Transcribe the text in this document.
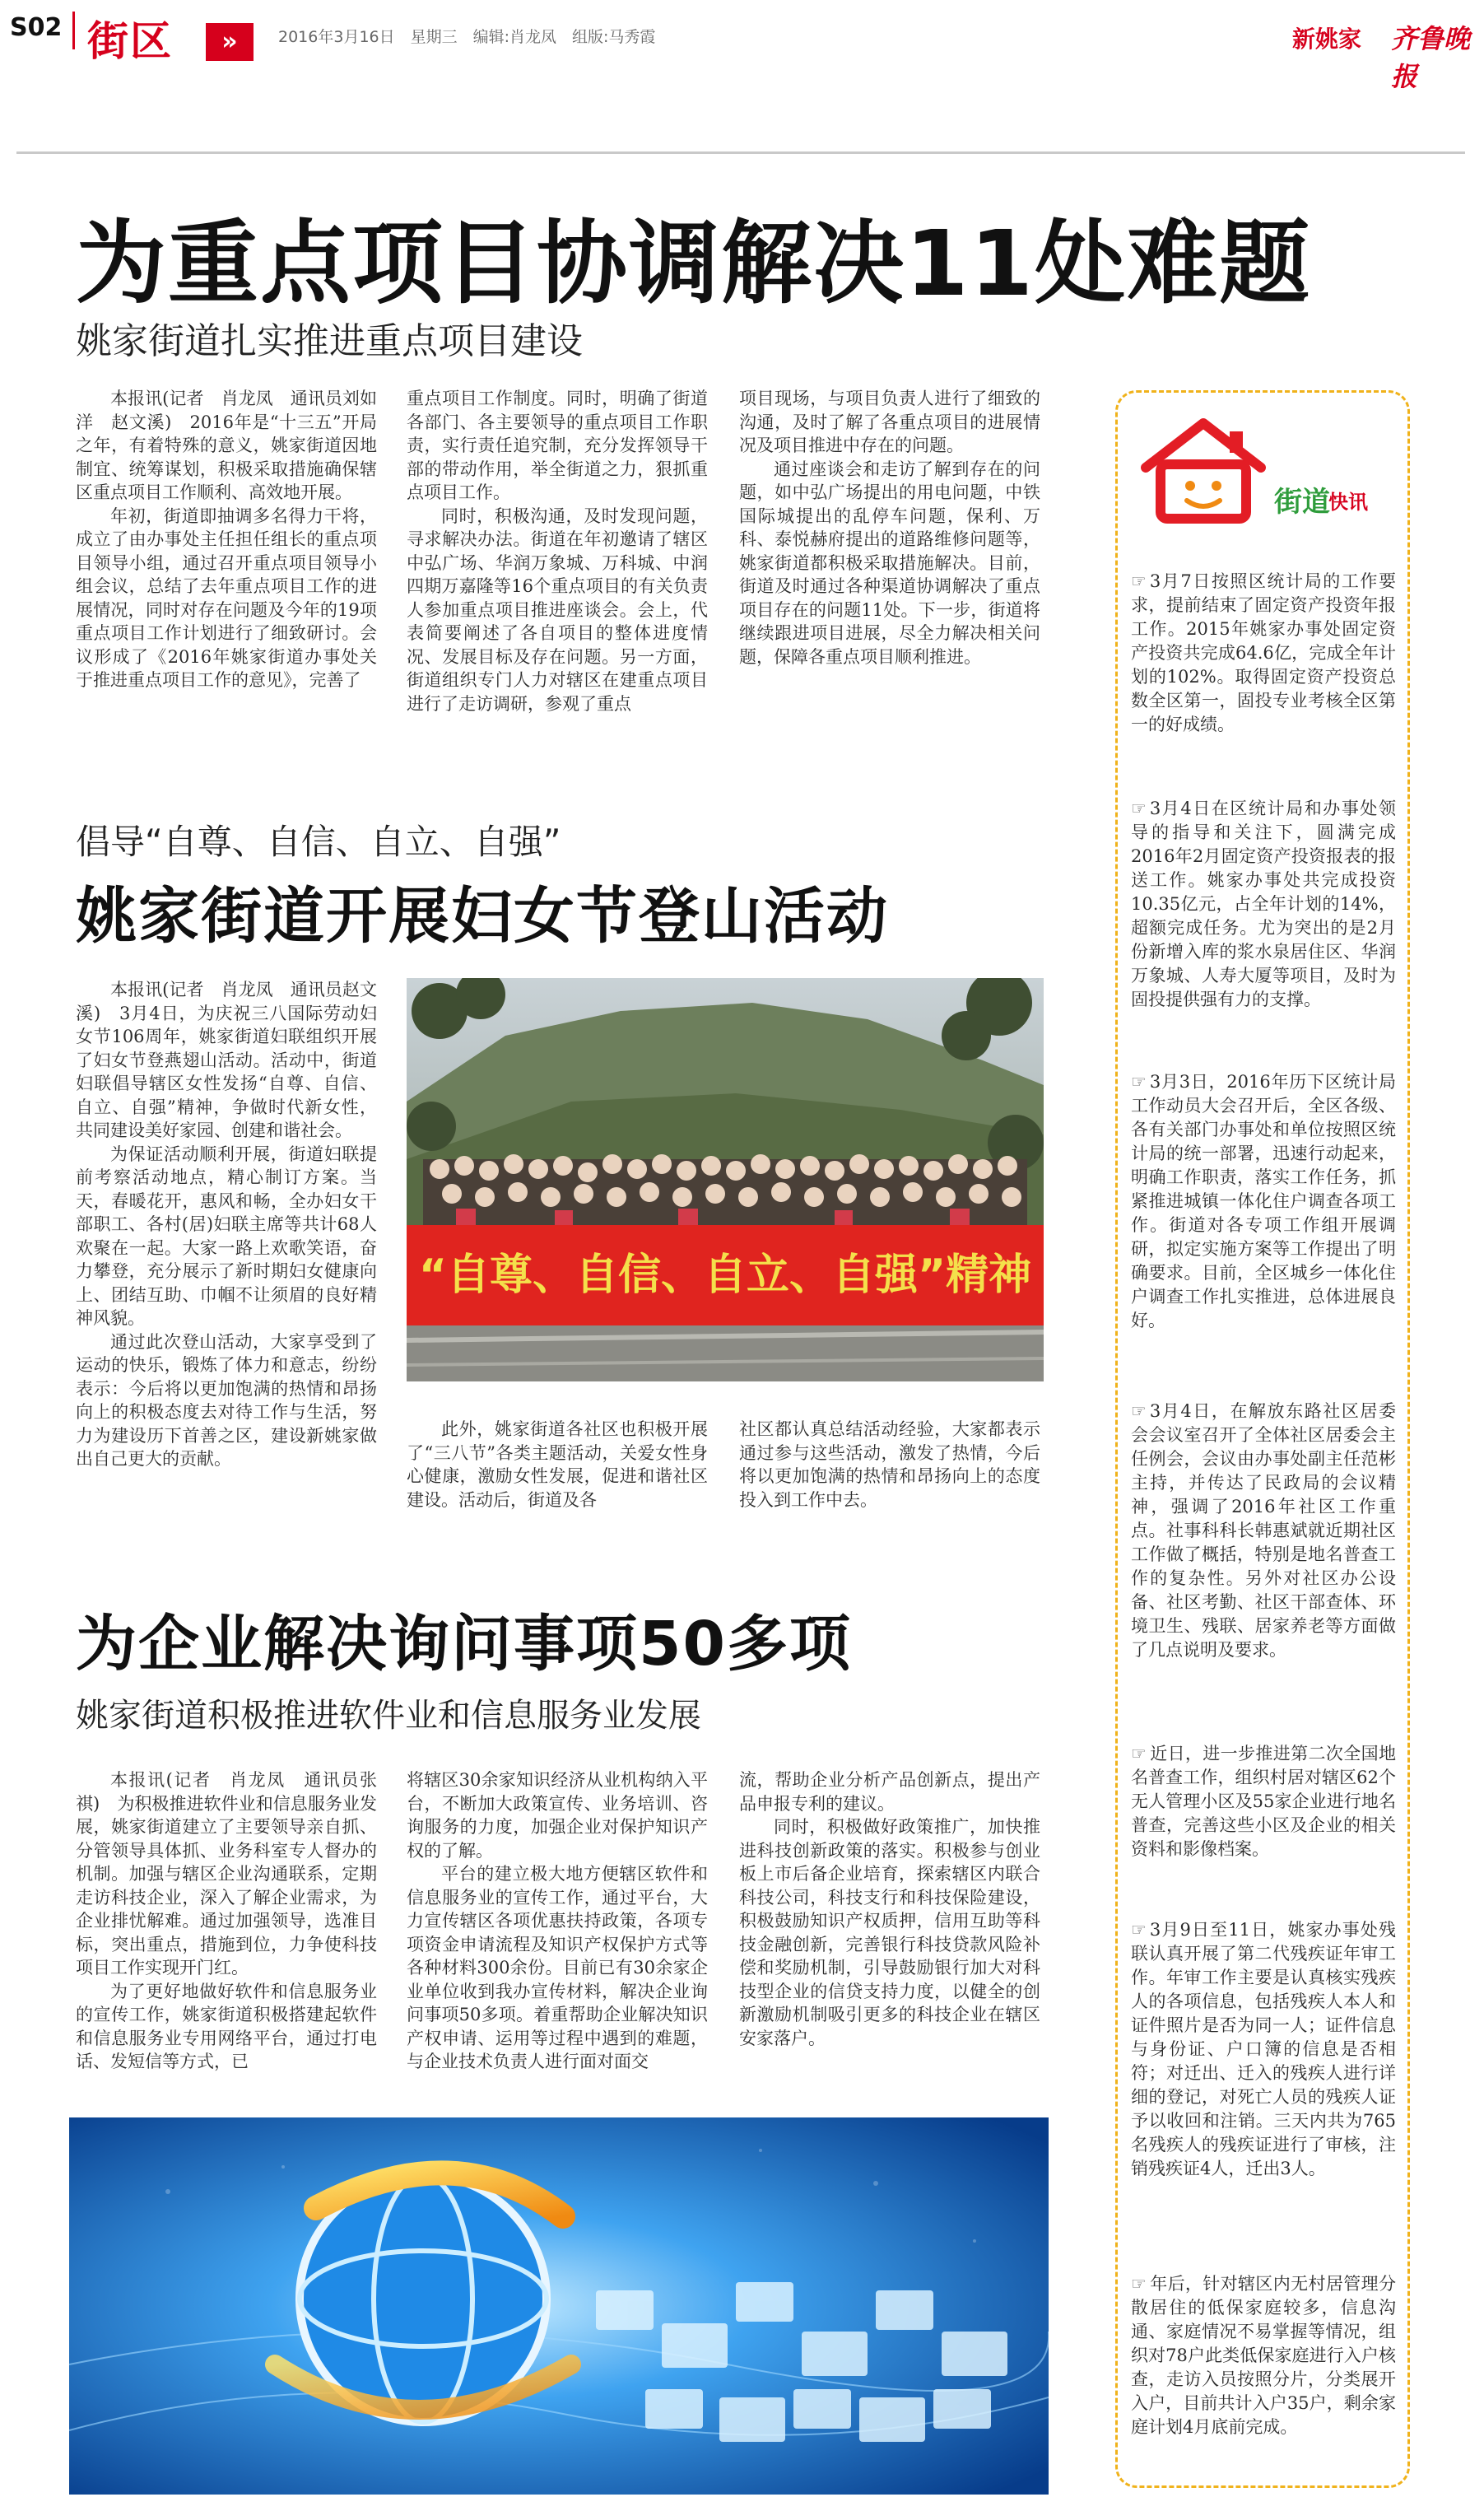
S02 街区	»	2016年3月16日　星期三　编辑:肖龙凤　组版:马秀霞	新姚家 齐鲁晚报
为重点项目协调解决11处难题
姚家街道扎实推进重点项目建设

本报讯(记者　肖龙凤　通讯员刘如洋　赵文溪)　2016年是“十三五”开局之年，有着特殊的意义，姚家街道因地制宜、统筹谋划，积极采取措施确保辖区重点项目工作顺利、高效地开展。

年初，街道即抽调多名得力干将，成立了由办事处主任担任组长的重点项目领导小组，通过召开重点项目领导小组会议，总结了去年重点项目工作的进展情况，同时对存在问题及今年的19项重点项目工作计划进行了细致研讨。会议形成了《2016年姚家街道办事处关于推进重点项目工作的意见》，完善了

重点项目工作制度。同时，明确了街道各部门、各主要领导的重点项目工作职责，实行责任追究制，充分发挥领导干部的带动作用，举全街道之力，狠抓重点项目工作。

同时，积极沟通，及时发现问题，寻求解决办法。街道在年初邀请了辖区中弘广场、华润万象城、万科城、中润四期万嘉隆等16个重点项目的有关负责人参加重点项目推进座谈会。会上，代表简要阐述了各自项目的整体进度情况、发展目标及存在问题。另一方面，街道组织专门人力对辖区在建重点项目进行了走访调研，参观了重点

项目现场，与项目负责人进行了细致的沟通，及时了解了各重点项目的进展情况及项目推进中存在的问题。

通过座谈会和走访了解到存在的问题，如中弘广场提出的用电问题，中铁国际城提出的乱停车问题，保利、万科、泰悦赫府提出的道路维修问题等，姚家街道都积极采取措施解决。目前，街道及时通过各种渠道协调解决了重点项目存在的问题11处。下一步，街道将继续跟进项目进展，尽全力解决相关问题，保障各重点项目顺利推进。

倡导“自尊、自信、自立、自强”
姚家街道开展妇女节登山活动

本报讯(记者　肖龙凤　通讯员赵文溪)　3月4日，为庆祝三八国际劳动妇女节106周年，姚家街道妇联组织开展了妇女节登燕翅山活动。活动中，街道妇联倡导辖区女性发扬“自尊、自信、自立、自强”精神，争做时代新女性，共同建设美好家园、创建和谐社会。

为保证活动顺利开展，街道妇联提前考察活动地点，精心制订方案。当天，春暖花开，惠风和畅，全办妇女干部职工、各村(居)妇联主席等共计68人欢聚在一起。大家一路上欢歌笑语，奋力攀登，充分展示了新时期妇女健康向上、团结互助、巾帼不让须眉的良好精神风貌。

通过此次登山活动，大家享受到了运动的快乐，锻炼了体力和意志，纷纷表示：今后将以更加饱满的热情和昂扬向上的积极态度去对待工作与生活，努力为建设历下首善之区，建设新姚家做出自己更大的贡献。

“自尊、自信、自立、自强”精神

此外，姚家街道各社区也积极开展了“三八节”各类主题活动，关爱女性身心健康，激励女性发展，促进和谐社区建设。活动后，街道及各

社区都认真总结活动经验，大家都表示通过参与这些活动，激发了热情，今后将以更加饱满的热情和昂扬向上的态度投入到工作中去。

为企业解决询问事项50多项
姚家街道积极推进软件业和信息服务业发展

本报讯(记者　肖龙凤　通讯员张祺)　为积极推进软件业和信息服务业发展，姚家街道建立了主要领导亲自抓、分管领导具体抓、业务科室专人督办的机制。加强与辖区企业沟通联系，定期走访科技企业，深入了解企业需求，为企业排忧解难。通过加强领导，选准目标，突出重点，措施到位，力争使科技项目工作实现开门红。

为了更好地做好软件和信息服务业的宣传工作，姚家街道积极搭建起软件和信息服务业专用网络平台，通过打电话、发短信等方式，已

将辖区30余家知识经济从业机构纳入平台，不断加大政策宣传、业务培训、咨询服务的力度，加强企业对保护知识产权的了解。

平台的建立极大地方便辖区软件和信息服务业的宣传工作，通过平台，大力宣传辖区各项优惠扶持政策，各项专项资金申请流程及知识产权保护方式等各种材料300余份。目前已有30余家企业单位收到我办宣传材料，解决企业询问事项50多项。着重帮助企业解决知识产权申请、运用等过程中遇到的难题，与企业技术负责人进行面对面交

流，帮助企业分析产品创新点，提出产品申报专利的建议。

同时，积极做好政策推广，加快推进科技创新政策的落实。积极参与创业板上市后备企业培育，探索辖区内联合科技公司，科技支行和科技保险建设，积极鼓励知识产权质押，信用互助等科技金融创新，完善银行科技贷款风险补偿和奖励机制，引导鼓励银行加大对科技型企业的信贷支持力度，以健全的创新激励机制吸引更多的科技企业在辖区安家落户。

街道
快讯
☞ 3月7日按照区统计局的工作要求，提前结束了固定资产投资年报工作。2015年姚家办事处固定资产投资共完成64.6亿，完成全年计划的102%。取得固定资产投资总数全区第一，固投专业考核全区第一的好成绩。
☞ 3月4日在区统计局和办事处领导的指导和关注下，圆满完成2016年2月固定资产投资报表的报送工作。姚家办事处共完成投资10.35亿元，占全年计划的14%，超额完成任务。尤为突出的是2月份新增入库的浆水泉居住区、华润万象城、人寿大厦等项目，及时为固投提供强有力的支撑。
☞ 3月3日，2016年历下区统计局工作动员大会召开后，全区各级、各有关部门办事处和单位按照区统计局的统一部署，迅速行动起来，明确工作职责，落实工作任务，抓紧推进城镇一体化住户调查各项工作。街道对各专项工作组开展调研，拟定实施方案等工作提出了明确要求。目前，全区城乡一体化住户调查工作扎实推进，总体进展良好。
☞ 3月4日，在解放东路社区居委会会议室召开了全体社区居委会主任例会，会议由办事处副主任范彬主持，并传达了民政局的会议精神，强调了2016年社区工作重点。社事科科长韩惠斌就近期社区工作做了概括，特别是地名普查工作的复杂性。另外对社区办公设备、社区考勤、社区干部查体、环境卫生、残联、居家养老等方面做了几点说明及要求。
☞ 近日，进一步推进第二次全国地名普查工作，组织村居对辖区62个无人管理小区及55家企业进行地名普查，完善这些小区及企业的相关资料和影像档案。
☞ 3月9日至11日，姚家办事处残联认真开展了第二代残疾证年审工作。年审工作主要是认真核实残疾人的各项信息，包括残疾人本人和证件照片是否为同一人；证件信息与身份证、户口簿的信息是否相符；对迁出、迁入的残疾人进行详细的登记，对死亡人员的残疾人证予以收回和注销。三天内共为765名残疾人的残疾证进行了审核，注销残疾证4人，迁出3人。
☞ 年后，针对辖区内无村居管理分散居住的低保家庭较多，信息沟通、家庭情况不易掌握等情况，组织对78户此类低保家庭进行入户核查，走访入员按照分片，分类展开入户，目前共计入户35户，剩余家庭计划4月底前完成。
